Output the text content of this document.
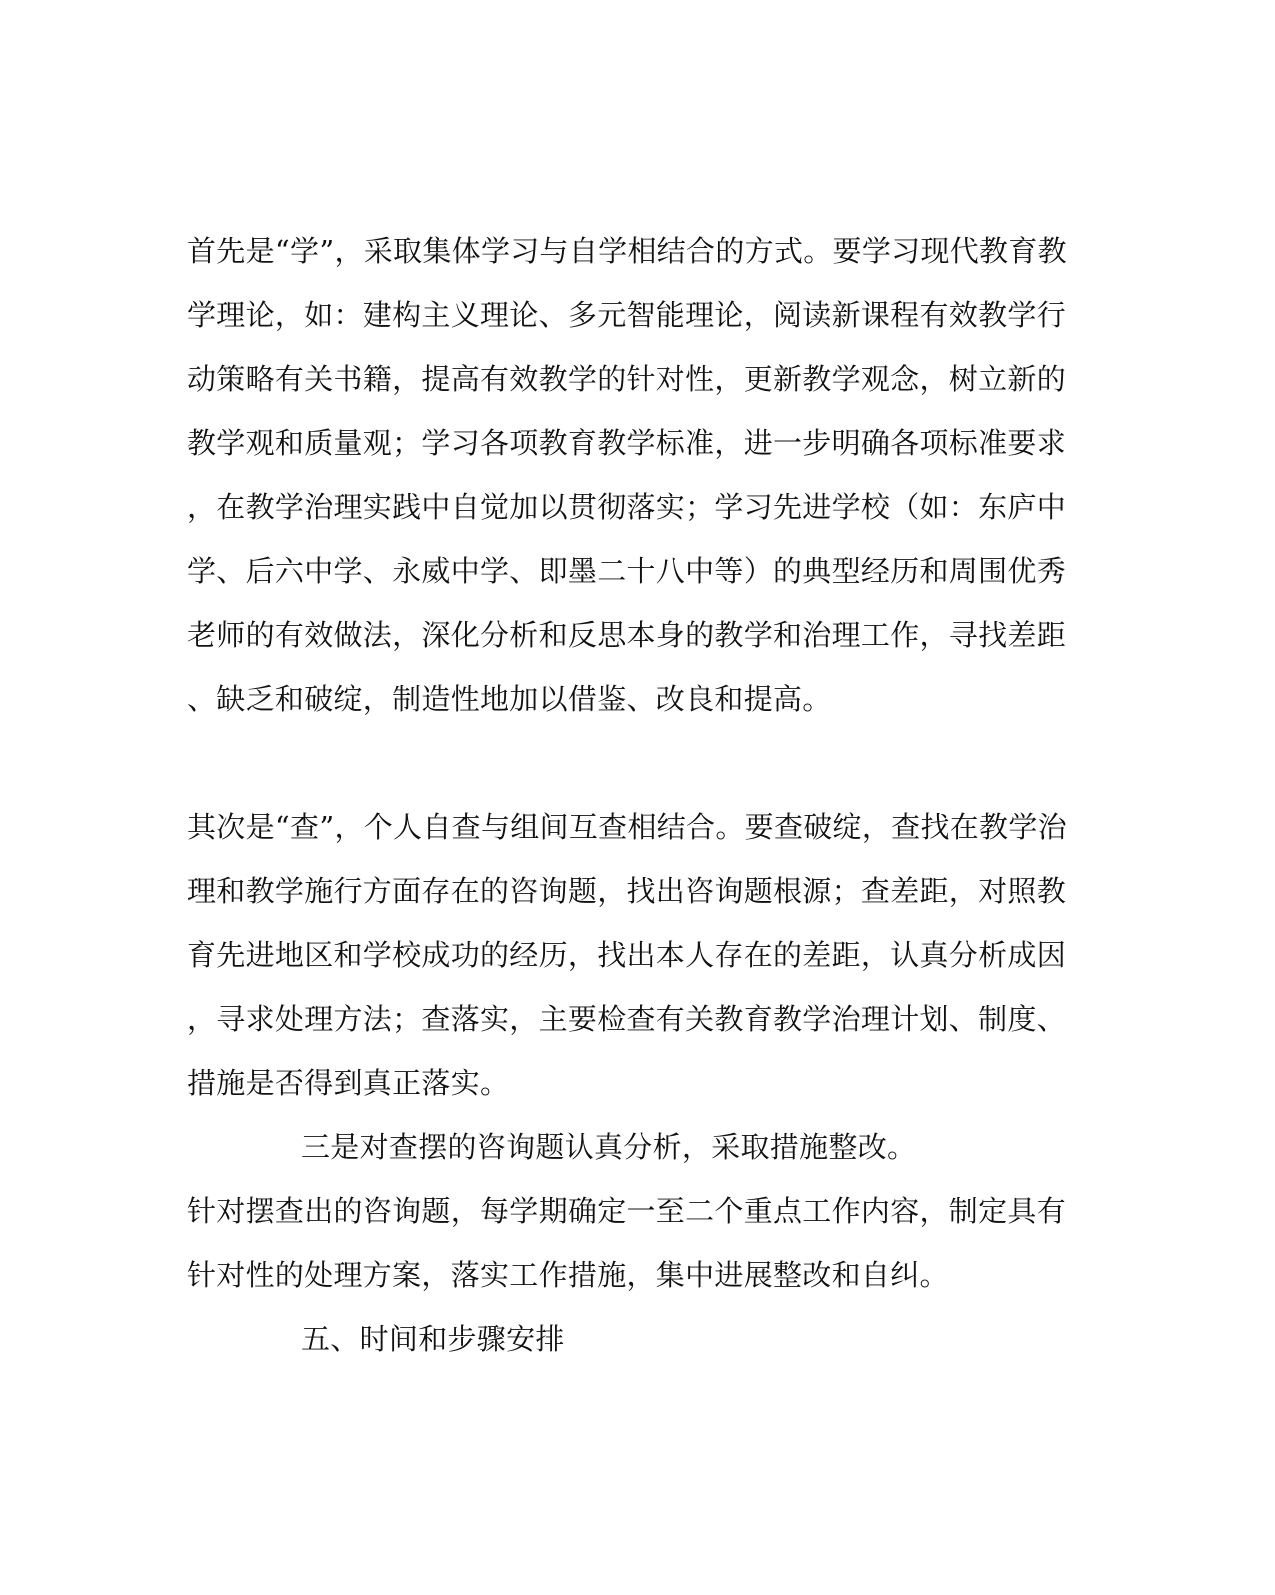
首先是“学”，采取集体学习与自学相结合的方式。要学习现代教育教
学理论，如：建构主义理论、多元智能理论，阅读新课程有效教学行
动策略有关书籍，提高有效教学的针对性，更新教学观念，树立新的
教学观和质量观；学习各项教育教学标准，进一步明确各项标准要求
，在教学治理实践中自觉加以贯彻落实；学习先进学校（如：东庐中
学、后六中学、永威中学、即墨二十八中等）的典型经历和周围优秀
老师的有效做法，深化分析和反思本身的教学和治理工作，寻找差距
、缺乏和破绽，制造性地加以借鉴、改良和提高。
其次是“查”，个人自查与组间互查相结合。要查破绽，查找在教学治
理和教学施行方面存在的咨询题，找出咨询题根源；查差距，对照教
育先进地区和学校成功的经历，找出本人存在的差距，认真分析成因
，寻求处理方法；查落实，主要检查有关教育教学治理计划、制度、
措施是否得到真正落实。
三是对查摆的咨询题认真分析，采取措施整改。
针对摆查出的咨询题，每学期确定一至二个重点工作内容，制定具有
针对性的处理方案，落实工作措施，集中进展整改和自纠。
五、时间和步骤安排
